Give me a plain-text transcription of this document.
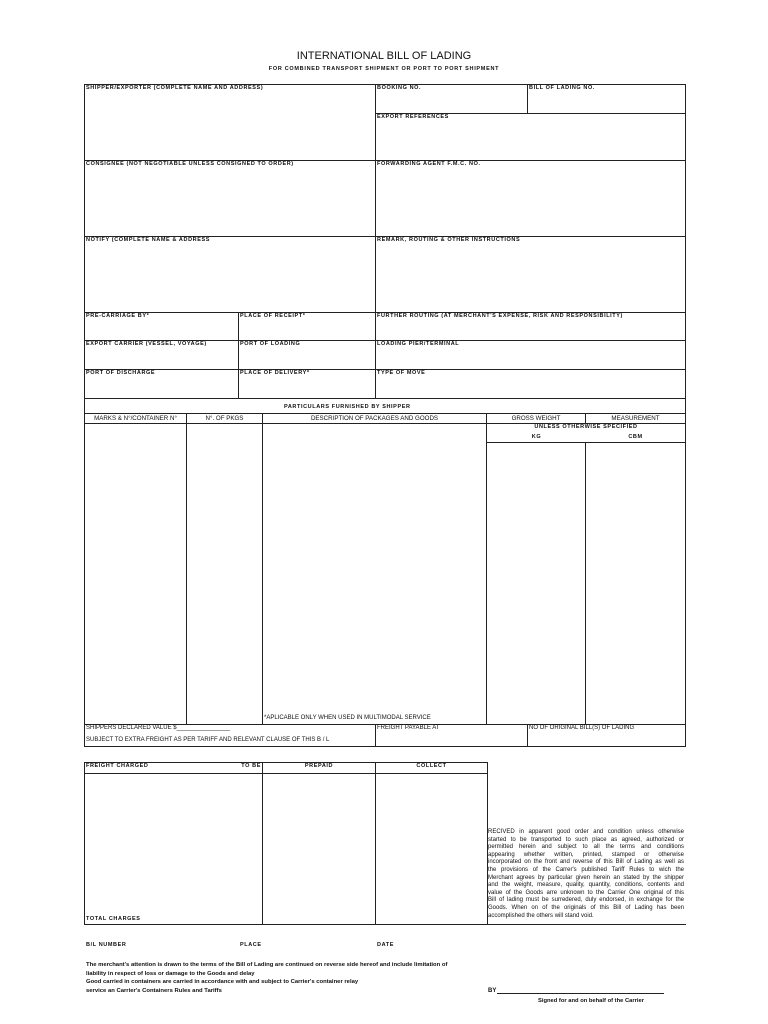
INTERNATIONAL BILL OF LADING
FOR COMBINED TRANSPORT SHIPMENT OR PORT TO PORT SHIPMENT
SHIPPER/EXPORTER (COMPLETE NAME AND ADDRESS)	BOOKING NO.	BILL OF LADING NO.
EXPORT REFERENCES
CONSIGNEE (NOT NEGOTIABLE UNLESS CONSIGNED TO ORDER)	FORWARDING AGENT F.M.C. NO.
NOTIFY (COMPLETE NAME & ADDRESS	REMARK, ROUTING & OTHER INSTRUCTIONS
PRE-CARRIAGE BY*	PLACE OF RECEIPT*	FURTHER ROUTING (AT MERCHANT'S EXPENSE, RISK AND RESPONSIBILITY)
EXPORT CARRIER (VESSEL, VOYAGE)	PORT OF LOADING	LOADING PIER/TERMINAL
PORT OF DISCHARGE	PLACE OF DELIVERY*	TYPE OF MOVE
PARTICULARS FURNISHED BY SHIPPER
MARKS & N°/CONTAINER N°	N°. OF PKGS	DESCRIPTION OF PACKAGES AND GOODS	GROSS WEIGHT	MEASUREMENT
UNLESS OTHERWISE SPECIFIED
KG	CBM
*APLICABLE ONLY WHEN USED IN MULTIMODAL SERVICE
SHIPPERS DECLARED VALUE $________________
SUBJECT TO EXTRA FREIGHT AS PER TARIFF AND RELEVANT CLAUSE OF THIS B / L
FREIGHT PAYABLE AT	NO OF ORIGINAL BILL(S) OF LADING
FREIGHT CHARGED	TO BE	PREPAID	COLLECT
TOTAL CHARGES
RECIVED in apparent good order and condition unless otherwise
started to be transported to such place as agreed, authorized or
permitted herein and subject to all the terms and conditions
appearing whether written, printed, stamped or otherwise
incorporated on the front and reverse of this Bill of Lading as well as
the provisions of the Carrer's published Tariff Rules to wich the
Merchant agrees by particular given herein an stated by the shipper
and the weight, measure, quality, quantity, conditions, contents and
value of the Goods arre unknown to the Carrier One original of this
Bill of lading must be surredered, duly endorsed, in exchange for the
Goods. When on of the originals of this Bill of Lading has been
accomplished the others will stand void.
B/L NUMBER	PLACE	DATE
The merchant's attention is drawn to the terms of the Bill of Lading are continued on reverse side hereof and include limitation of
liability in respect of loss or damage to the Goods and delay
Good carried in containers are carried in accordance with and subject to Carrier's container relay
service an Carrier's Containers Rules and Tariffs	BY
Signed for and on behalf of the Carrier
